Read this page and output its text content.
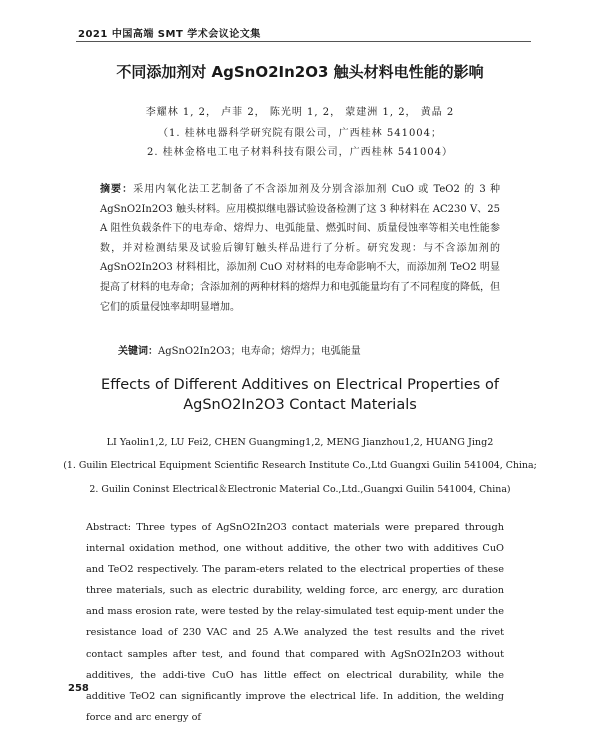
2021 中国高端 SMT 学术会议论文集
不同添加剂对 AgSnO2In2O3 触头材料电性能的影响
李耀林 1, 2， 卢菲 2， 陈光明 1, 2， 蒙建洲 1, 2， 黄晶 2
（1. 桂林电器科学研究院有限公司，广西桂林 541004；
2. 桂林金格电工电子材料科技有限公司，广西桂林 541004）
摘要：采用内氧化法工艺制备了不含添加剂及分别含添加剂 CuO 或 TeO2 的 3 种 AgSnO2In2O3 触头材料。应用模拟继电器试验设备检测了这 3 种材料在 AC230 V、25 A 阻性负载条件下的电寿命、熔焊力、电弧能量、燃弧时间、质量侵蚀率等相关电性能参数，并对检测结果及试验后铆钉触头样品进行了分析。研究发现：与不含添加剂的 AgSnO2In2O3 材料相比，添加剂 CuO 对材料的电寿命影响不大，而添加剂 TeO2 明显提高了材料的电寿命；含添加剂的两种材料的熔焊力和电弧能量均有了不同程度的降低，但它们的质量侵蚀率却明显增加。
关键词：AgSnO2In2O3；电寿命；熔焊力；电弧能量
Effects of Different Additives on Electrical Properties of
AgSnO2In2O3 Contact Materials
LI Yaolin1,2, LU Fei2, CHEN Guangming1,2, MENG Jianzhou1,2, HUANG Jing2
(1. Guilin Electrical Equipment Scientific Research Institute Co.,Ltd Guangxi Guilin 541004, China;
2. Guilin Coninst Electrical＆Electronic Material Co.,Ltd.,Guangxi Guilin 541004, China)
Abstract: Three types of AgSnO2In2O3 contact materials were prepared through internal oxidation method, one without additive, the other two with additives CuO and TeO2 respectively. The param-eters related to the electrical properties of these three materials, such as electric durability, welding force, arc energy, arc duration and mass erosion rate, were tested by the relay-simulated test equip-ment under the resistance load of 230 VAC and 25 A.We analyzed the test results and the rivet contact samples after test, and found that compared with AgSnO2In2O3 without additives, the addi-tive CuO has little effect on electrical durability, while the additive TeO2 can significantly improve the electrical life. In addition, the welding force and arc energy of
258
